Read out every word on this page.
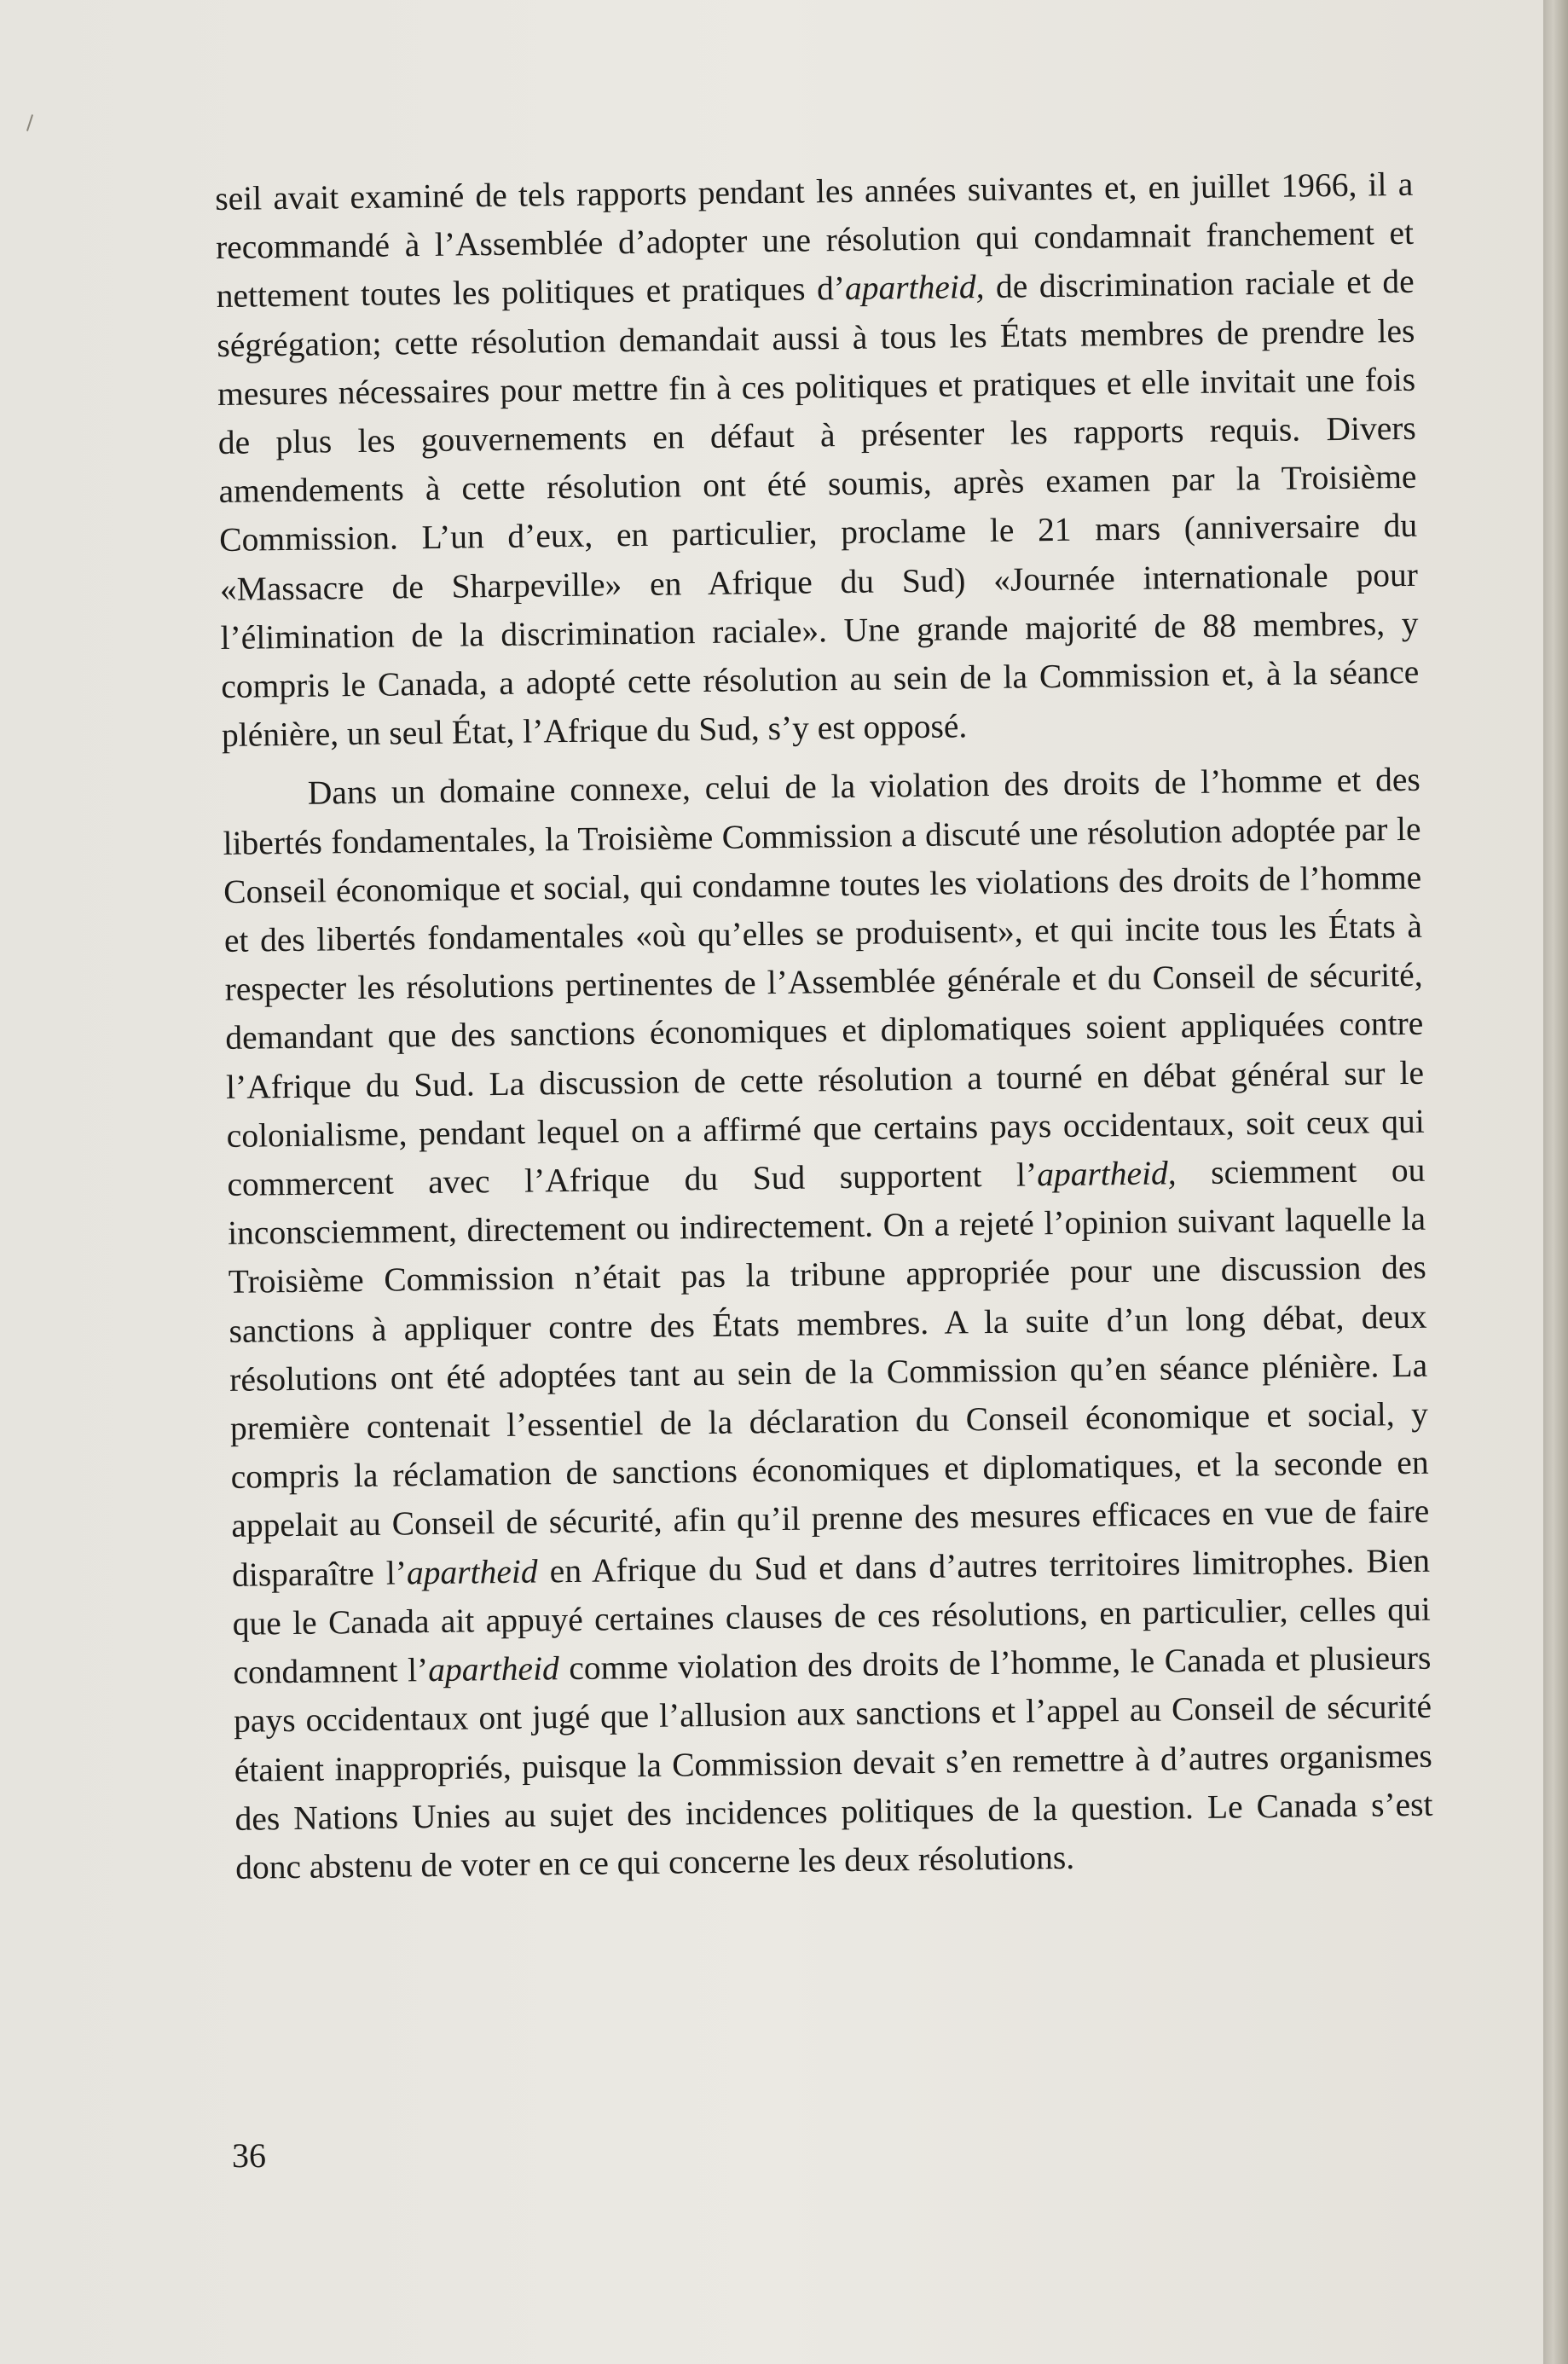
seil avait examiné de tels rapports pendant les années suivantes et, en juillet 1966, il a recommandé à l’Assemblée d’adopter une résolution qui condamnait franchement et nettement toutes les politiques et pratiques d’apartheid, de discrimination raciale et de ségrégation; cette résolution demandait aussi à tous les États membres de prendre les mesures nécessaires pour mettre fin à ces politiques et pratiques et elle invitait une fois de plus les gouvernements en défaut à présenter les rapports requis. Divers amendements à cette résolution ont été soumis, après examen par la Troisième Commission. L’un d’eux, en particulier, proclame le 21 mars (anniversaire du «Massacre de Sharpeville» en Afrique du Sud) «Journée internationale pour l’élimination de la discrimination raciale». Une grande majorité de 88 membres, y compris le Canada, a adopté cette résolution au sein de la Commission et, à la séance plénière, un seul État, l’Afrique du Sud, s’y est opposé.

Dans un domaine connexe, celui de la violation des droits de l’homme et des libertés fondamentales, la Troisième Commission a discuté une résolution adoptée par le Conseil économique et social, qui condamne toutes les violations des droits de l’homme et des libertés fondamentales «où qu’elles se produisent», et qui incite tous les États à respecter les résolutions pertinentes de l’Assemblée générale et du Conseil de sécurité, demandant que des sanctions économiques et diplomatiques soient appliquées contre l’Afrique du Sud. La discussion de cette résolution a tourné en débat général sur le colonialisme, pendant lequel on a affirmé que certains pays occidentaux, soit ceux qui commercent avec l’Afrique du Sud supportent l’apartheid, sciemment ou inconsciemment, directement ou indirectement. On a rejeté l’opinion suivant laquelle la Troisième Commission n’était pas la tribune appropriée pour une discussion des sanctions à appliquer contre des États membres. A la suite d’un long débat, deux résolutions ont été adoptées tant au sein de la Commission qu’en séance plénière. La première contenait l’essentiel de la déclaration du Conseil économique et social, y compris la réclamation de sanctions économiques et diplomatiques, et la seconde en appelait au Conseil de sécurité, afin qu’il prenne des mesures efficaces en vue de faire disparaître l’apartheid en Afrique du Sud et dans d’autres territoires limitrophes. Bien que le Canada ait appuyé certaines clauses de ces résolutions, en particulier, celles qui condamnent l’apartheid comme violation des droits de l’homme, le Canada et plusieurs pays occidentaux ont jugé que l’allusion aux sanctions et l’appel au Conseil de sécurité étaient inappropriés, puisque la Commission devait s’en remettre à d’autres organismes des Nations Unies au sujet des incidences politiques de la question. Le Canada s’est donc abstenu de voter en ce qui concerne les deux résolutions.

36
